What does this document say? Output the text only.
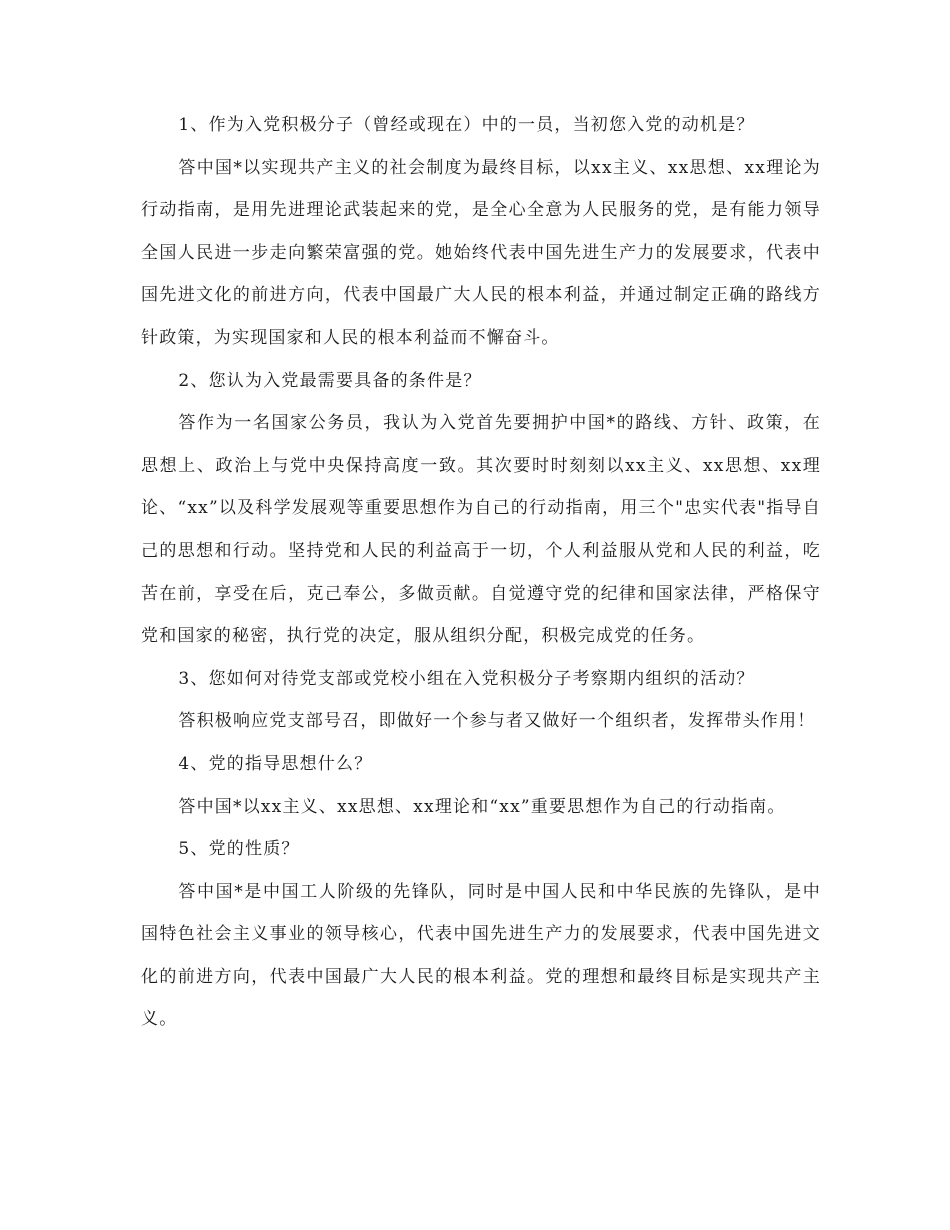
1、作为入党积极分子（曾经或现在）中的一员，当初您入党的动机是？

答中国*以实现共产主义的社会制度为最终目标，以xx主义、xx思想、xx理论为行动指南，是用先进理论武装起来的党，是全心全意为人民服务的党，是有能力领导全国人民进一步走向繁荣富强的党。她始终代表中国先进生产力的发展要求，代表中国先进文化的前进方向，代表中国最广大人民的根本利益，并通过制定正确的路线方针政策，为实现国家和人民的根本利益而不懈奋斗。

2、您认为入党最需要具备的条件是？

答作为一名国家公务员，我认为入党首先要拥护中国*的路线、方针、政策，在思想上、政治上与党中央保持高度一致。其次要时时刻刻以xx主义、xx思想、xx理论、“xx”以及科学发展观等重要思想作为自己的行动指南，用三个"忠实代表"指导自己的思想和行动。坚持党和人民的利益高于一切，个人利益服从党和人民的利益，吃苦在前，享受在后，克己奉公，多做贡献。自觉遵守党的纪律和国家法律，严格保守党和国家的秘密，执行党的决定，服从组织分配，积极完成党的任务。

3、您如何对待党支部或党校小组在入党积极分子考察期内组织的活动？

答积极响应党支部号召，即做好一个参与者又做好一个组织者，发挥带头作用！

4、党的指导思想什么？

答中国*以xx主义、xx思想、xx理论和“xx”重要思想作为自己的行动指南。

5、党的性质？

答中国*是中国工人阶级的先锋队，同时是中国人民和中华民族的先锋队，是中国特色社会主义事业的领导核心，代表中国先进生产力的发展要求，代表中国先进文化的前进方向，代表中国最广大人民的根本利益。党的理想和最终目标是实现共产主义。
